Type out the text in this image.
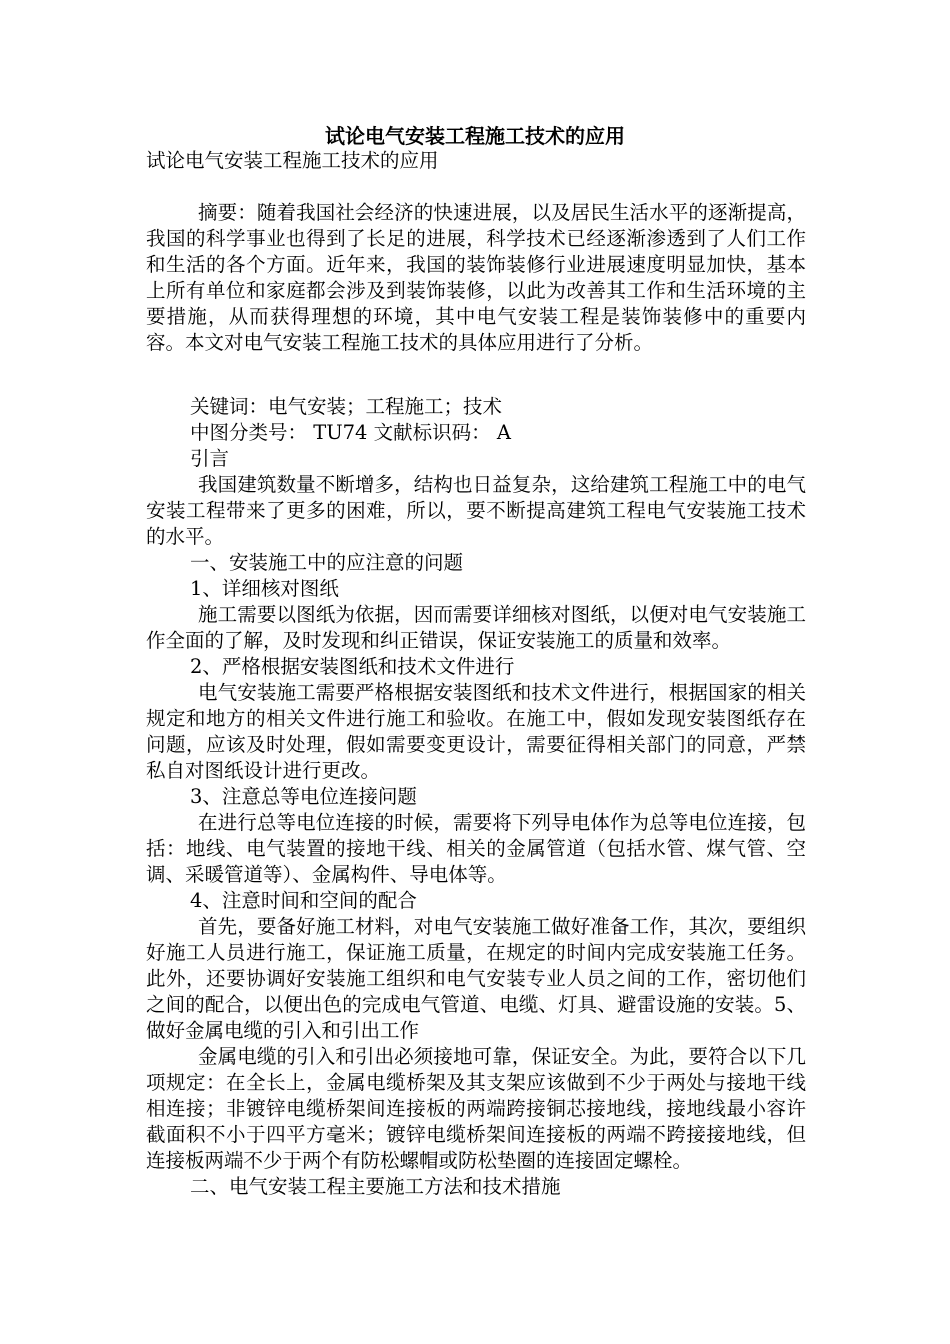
试论电气安装工程施工技术的应用

试论电气安装工程施工技术的应用

摘要：随着我国社会经济的快速进展，以及居民生活水平的逐渐提高，我国的科学事业也得到了长足的进展，科学技术已经逐渐渗透到了人们工作和生活的各个方面。近年来，我国的装饰装修行业进展速度明显加快，基本上所有单位和家庭都会涉及到装饰装修，以此为改善其工作和生活环境的主要措施，从而获得理想的环境，其中电气安装工程是装饰装修中的重要内容。本文对电气安装工程施工技术的具体应用进行了分析。

关键词：电气安装；工程施工；技术

中图分类号： TU74 文献标识码： A

引言

我国建筑数量不断增多，结构也日益复杂，这给建筑工程施工中的电气安装工程带来了更多的困难，所以，要不断提高建筑工程电气安装施工技术的水平。

一、安装施工中的应注意的问题

1、详细核对图纸

施工需要以图纸为依据，因而需要详细核对图纸，以便对电气安装施工作全面的了解，及时发现和纠正错误，保证安装施工的质量和效率。

2、严格根据安装图纸和技术文件进行

电气安装施工需要严格根据安装图纸和技术文件进行，根据国家的相关规定和地方的相关文件进行施工和验收。在施工中，假如发现安装图纸存在问题，应该及时处理，假如需要变更设计，需要征得相关部门的同意，严禁私自对图纸设计进行更改。

3、注意总等电位连接问题

在进行总等电位连接的时候，需要将下列导电体作为总等电位连接，包括：地线、电气装置的接地干线、相关的金属管道（包括水管、煤气管、空调、采暖管道等）、金属构件、导电体等。

4、注意时间和空间的配合

首先，要备好施工材料，对电气安装施工做好准备工作，其次，要组织好施工人员进行施工，保证施工质量，在规定的时间内完成安装施工任务。此外，还要协调好安装施工组织和电气安装专业人员之间的工作，密切他们之间的配合，以便出色的完成电气管道、电缆、灯具、避雷设施的安装。5、做好金属电缆的引入和引出工作

金属电缆的引入和引出必须接地可靠，保证安全。为此，要符合以下几项规定：在全长上，金属电缆桥架及其支架应该做到不少于两处与接地干线相连接；非镀锌电缆桥架间连接板的两端跨接铜芯接地线，接地线最小容许截面积不小于四平方毫米；镀锌电缆桥架间连接板的两端不跨接接地线，但连接板两端不少于两个有防松螺帽或防松垫圈的连接固定螺栓。

二、电气安装工程主要施工方法和技术措施
